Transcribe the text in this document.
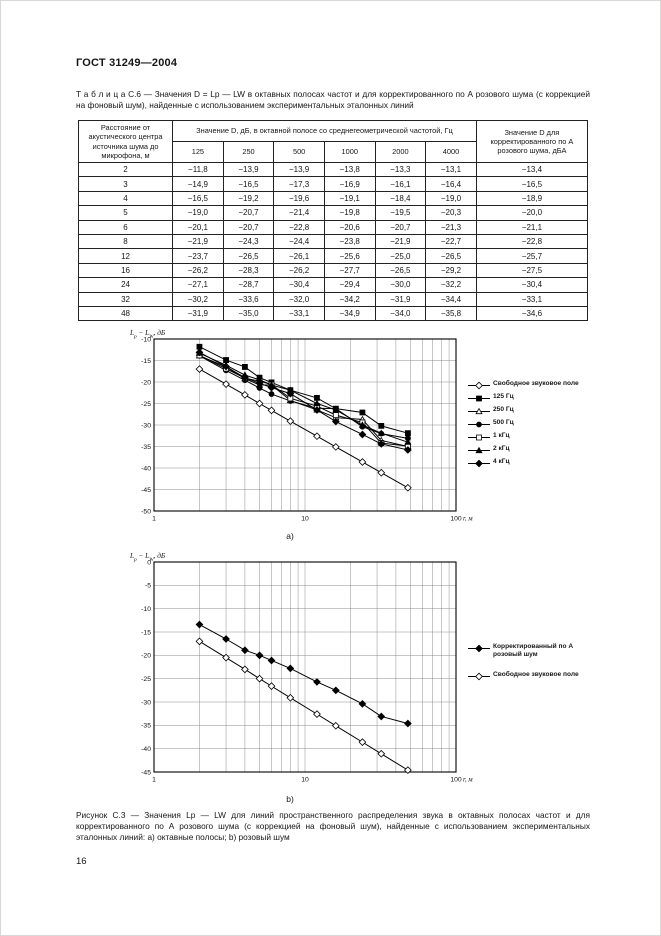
ГОСТ 31249—2004
Т а б л и ц а С.6 — Значения D = Lp — LW в октавных полосах частот и для корректированного по А розового шума (с коррекцией на фоновый шум), найденные с использованием экспериментальных эталонных линий
Расстояние от акустического центра источника шума до микрофона, м	Значение D, дБ, в октавной полосе со среднегеометрической частотой, Гц						Значение D для корректированного по А розового шума, дБА
	125	250	500	1000	2000	4000	
2	−11,8	−13,9	−13,9	−13,8	−13,3	−13,1	−13,4
3	−14,9	−16,5	−17,3	−16,9	−16,1	−16,4	−16,5
4	−16,5	−19,2	−19,6	−19,1	−18,4	−19,0	−18,9
5	−19,0	−20,7	−21,4	−19,8	−19,5	−20,3	−20,0
6	−20,1	−20,7	−22,8	−20,6	−20,7	−21,3	−21,1
8	−21,9	−24,3	−24,4	−23,8	−21,9	−22,7	−22,8
12	−23,7	−26,5	−26,1	−25,6	−25,0	−26,5	−25,7
16	−26,2	−28,3	−26,2	−27,7	−26,5	−29,2	−27,5
24	−27,1	−28,7	−30,4	−29,4	−30,0	−32,2	−30,4
32	−30,2	−33,6	−32,0	−34,2	−31,9	−34,4	−33,1
48	−31,9	−35,0	−33,1	−34,9	−34,0	−35,8	−34,6
-10
-15
-20
-25
-30
-35
-40
-45
-50
1	10	100 r, м
$L_p - L_W$, дБ
Свободное звуковое поле
125 Гц
250 Гц
500 Гц
1 кГц
2 кГц
4 кГц
а)
0
-5
-10
-15
-20
-25
-30
-35
-40
-45
1	10	100 r, м
$L_p - L_W$, дБ
Корректированный по А розовый шум
Свободное звуковое поле
b)
Рисунок С.3 — Значения Lp — LW для линий пространственного распределения звука в октавных полосах частот и для корректированного по А розового шума (с коррекцией на фоновый шум), найденные с использованием экспериментальных эталонных линий: а) октавные полосы; b) розовый шум
16
